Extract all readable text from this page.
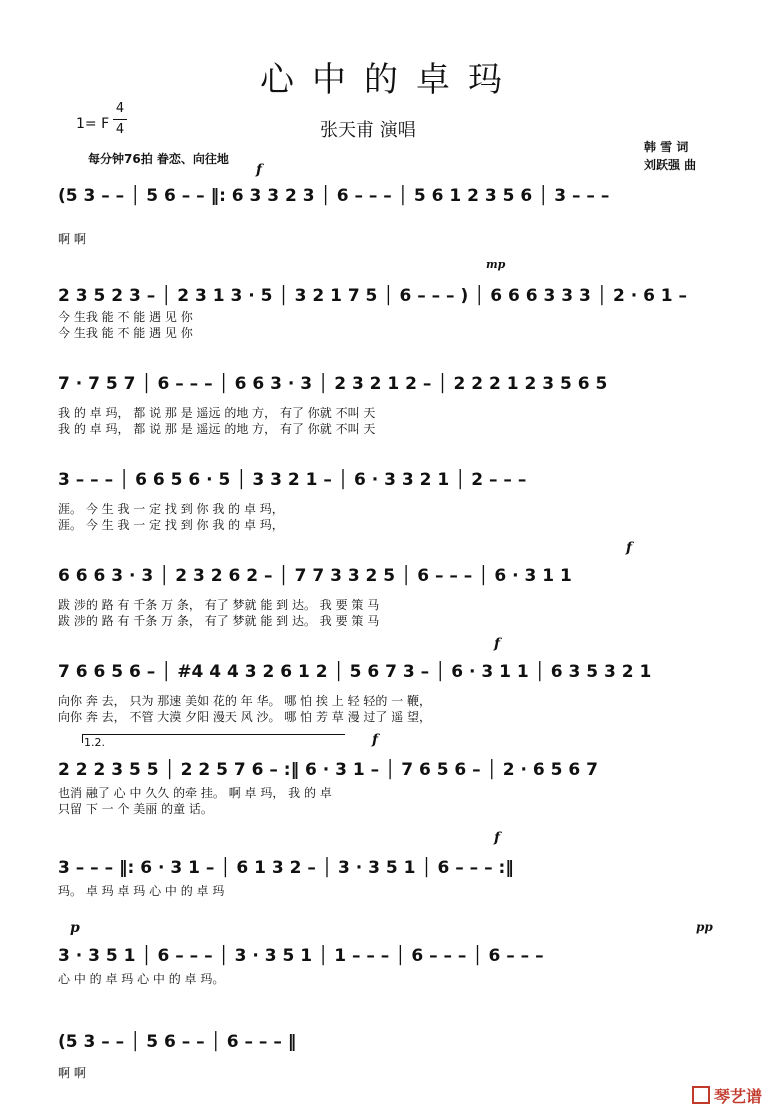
心中的卓玛
1= F
4
4	张天甫 演唱
每分钟76拍 眷恋、向往地
韩 雪 词
刘跃强 曲
f
(5 3 – – │ 5 6 – – ‖: 6 3 3 2 3 │ 6 – – – │ 5 6 1 2 3 5 6 │ 3 – – –
啊 啊
mp
2 3 5 2 3 – │ 2 3 1 3 · 5 │ 3 2 1 7 5 │ 6 – – – ) │ 6 6 6 3 3 3 │ 2 · 6 1 –
今 生我 能 不 能 遇 见 你
今 生我 能 不 能 遇 见 你
7 · 7 5 7 │ 6 – – – │ 6 6 3 · 3 │ 2 3 2 1 2 – │ 2 2 2 1 2 3 5 6 5
我 的 卓 玛， 都 说 那 是 遥远 的地 方， 有了 你就 不叫 天
我 的 卓 玛， 都 说 那 是 遥远 的地 方， 有了 你就 不叫 天
3 – – – │ 6 6 5 6 · 5 │ 3 3 2 1 – │ 6 · 3 3 2 1 │ 2 – – –
涯。 今 生 我 一 定 找 到 你 我 的 卓 玛，
涯。 今 生 我 一 定 找 到 你 我 的 卓 玛，
f
6 6 6 3 · 3 │ 2 3 2 6 2 – │ 7 7 3 3 2 5 │ 6 – – – │ 6 · 3 1 1
跋 涉的 路 有 千条 万 条， 有了 梦就 能 到 达。 我 要 策 马
跋 涉的 路 有 千条 万 条， 有了 梦就 能 到 达。 我 要 策 马
f
7 6 6 5 6 – │ #4 4 4 3 2 6 1 2 │ 5 6 7 3 – │ 6 · 3 1 1 │ 6 3 5 3 2 1
向你 奔 去， 只为 那速 美如 花的 年 华。 哪 怕 挨 上 轻 轻的 一 鞭，
向你 奔 去， 不管 大漠 夕阳 漫天 风 沙。 哪 怕 芳 草 漫 过了 遥 望，
1.2.	f
2 2 2 3 5 5 │ 2 2 5 7 6 – :‖ 6 · 3 1 – │ 7 6 5 6 – │ 2 · 6 5 6 7
也消 融了 心 中 久久 的牵 挂。 啊 卓 玛， 我 的 卓
只留 下 一 个 美丽 的童 话。
f
3 – – – ‖: 6 · 3 1 – │ 6 1 3 2 – │ 3 · 3 5 1 │ 6 – – – :‖
玛。 卓 玛 卓 玛 心 中 的 卓 玛
p	pp
3 · 3 5 1 │ 6 – – – │ 3 · 3 5 1 │ 1 – – – │ 6 – – – │ 6 – – –
心 中 的 卓 玛 心 中 的 卓 玛。
(5 3 – – │ 5 6 – – │ 6 – – – ‖
啊 啊
琴艺谱
